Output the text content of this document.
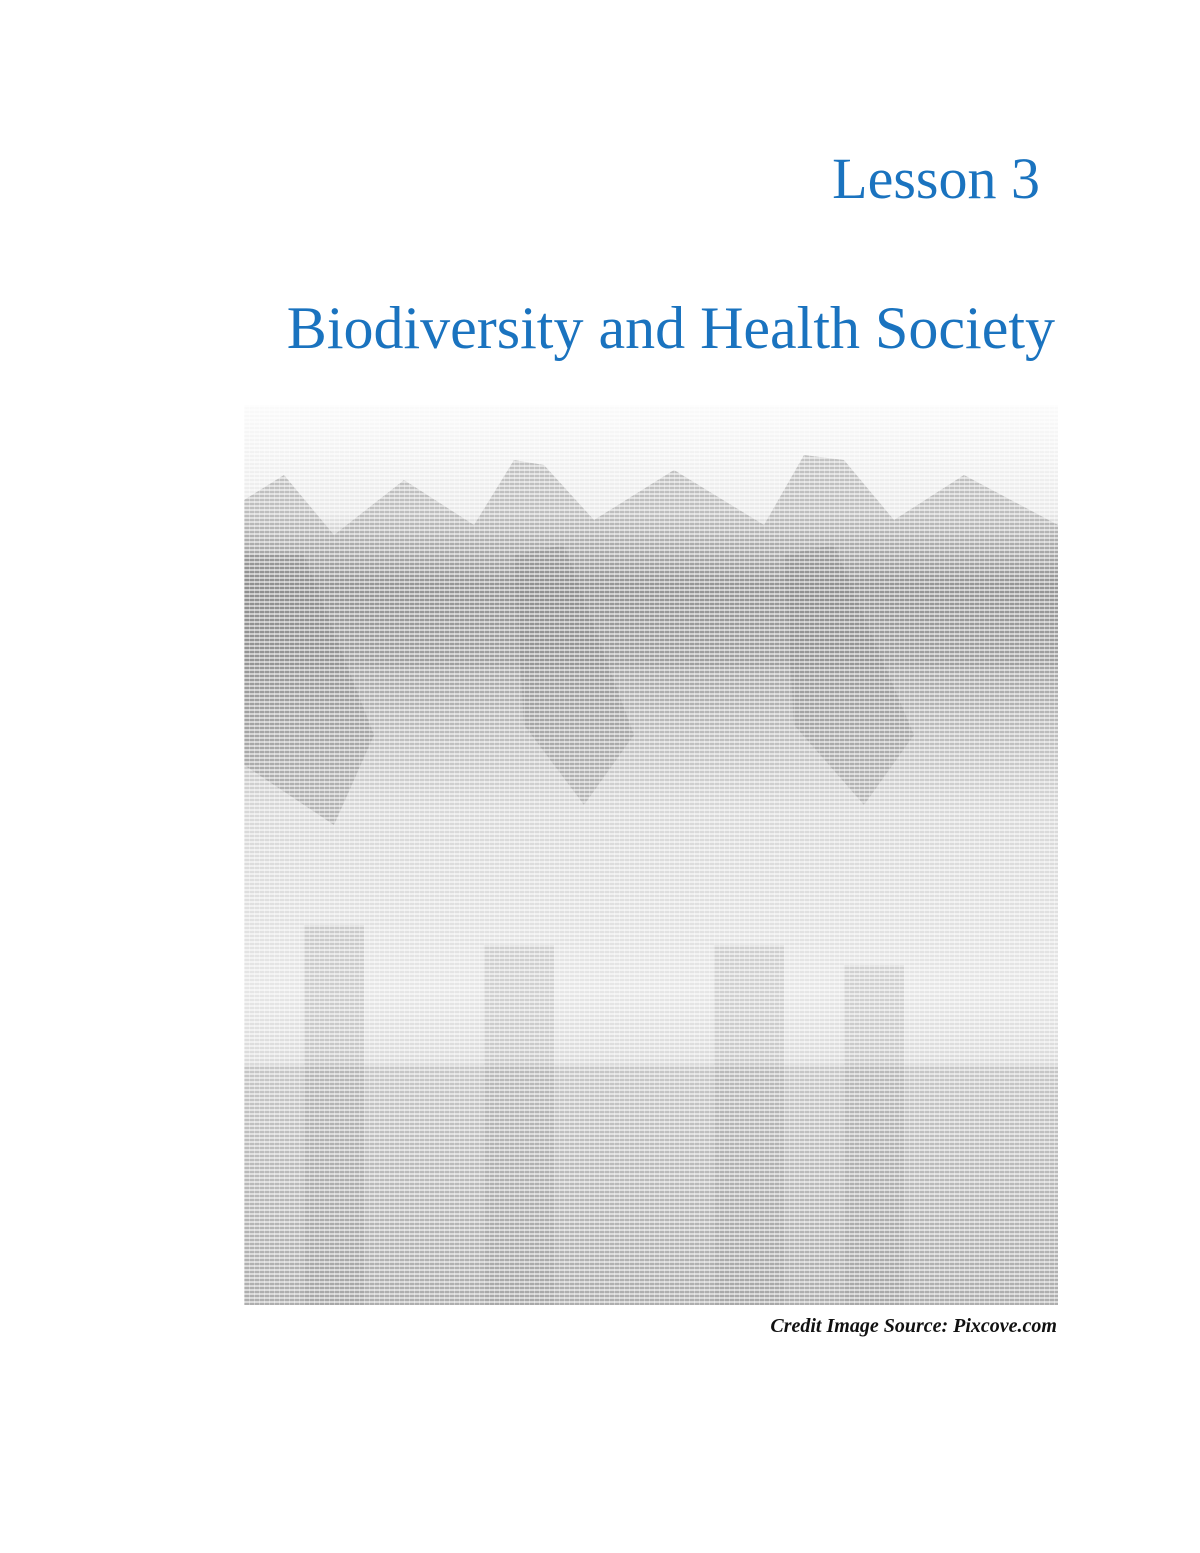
Lesson 3
Biodiversity and Health Society
Credit Image Source: Pixcove.com
